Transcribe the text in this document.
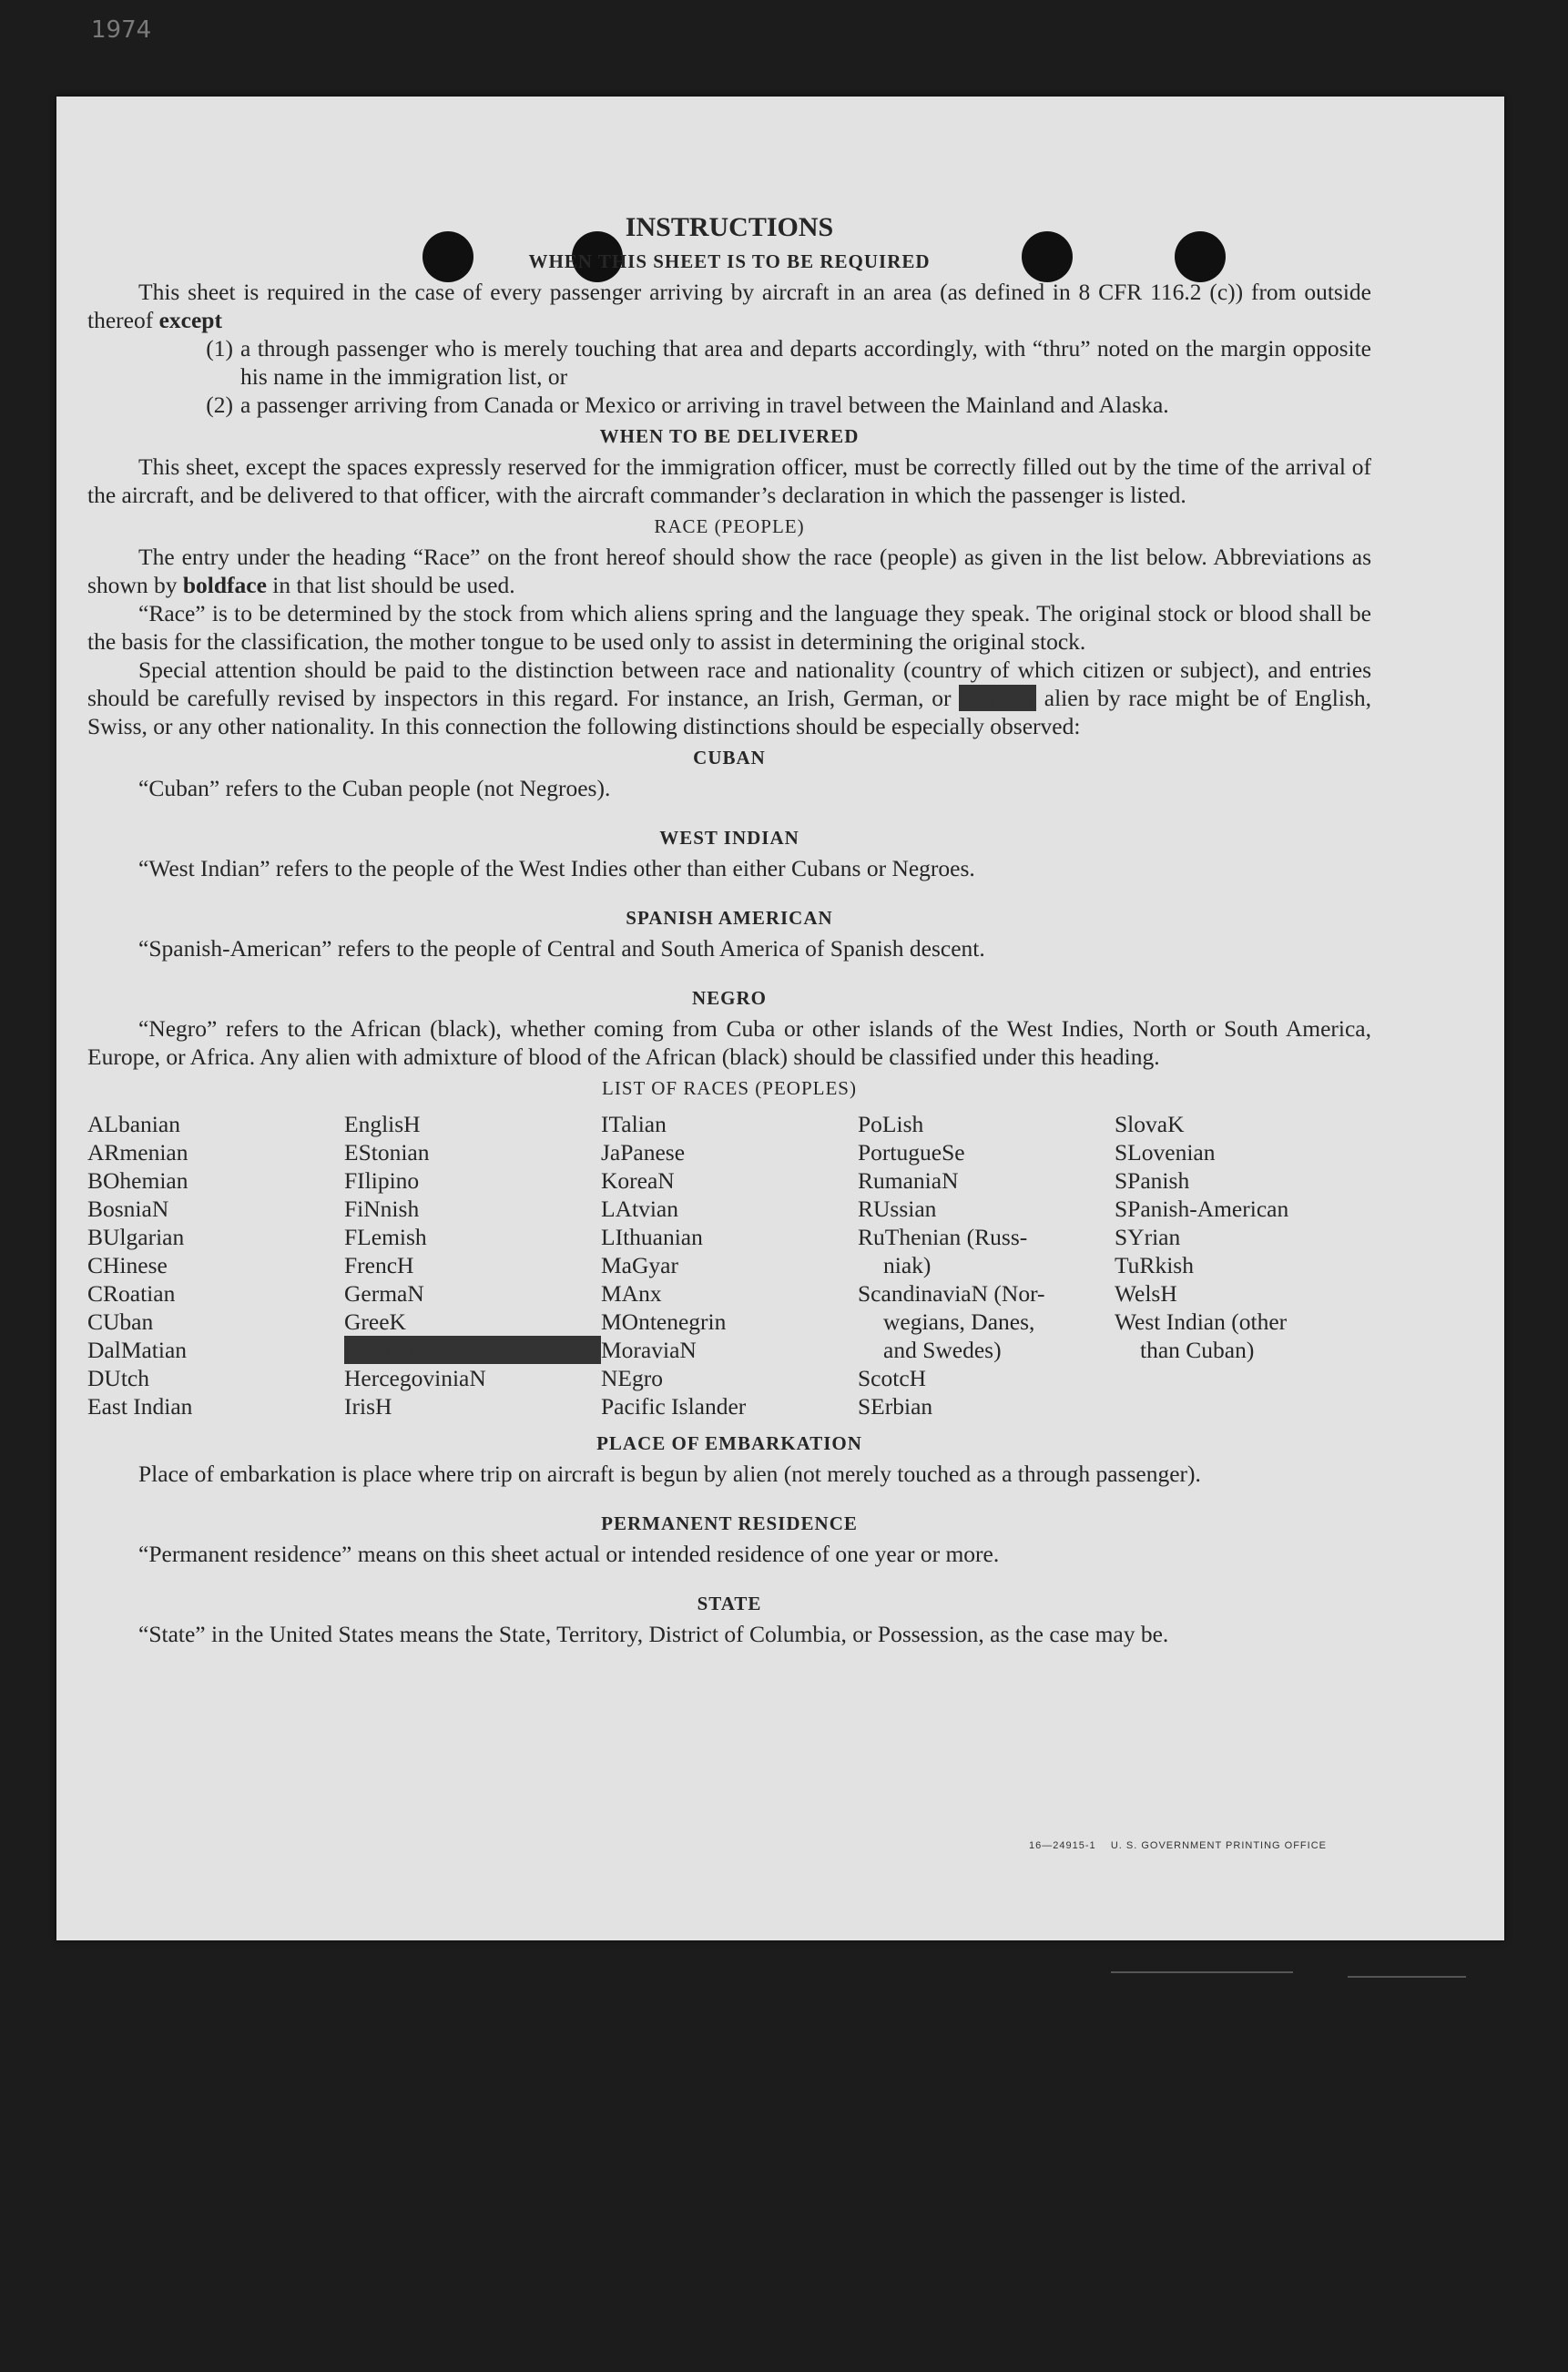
1974
INSTRUCTIONS
WHEN THIS SHEET IS TO BE REQUIRED

This sheet is required in the case of every passenger arriving by aircraft in an area (as defined in 8 CFR 116.2 (c)) from outside thereof except

(1) a through passenger who is merely touching that area and departs accordingly, with “thru” noted on the margin opposite his name in the immigration list, or
(2) a passenger arriving from Canada or Mexico or arriving in travel between the Mainland and Alaska.
WHEN TO BE DELIVERED

This sheet, except the spaces expressly reserved for the immigration officer, must be correctly filled out by the time of the arrival of the aircraft, and be delivered to that officer, with the aircraft commander’s declaration in which the passenger is listed.

RACE (PEOPLE)

The entry under the heading “Race” on the front hereof should show the race (people) as given in the list below. Abbreviations as shown by boldface in that list should be used.

“Race” is to be determined by the stock from which aliens spring and the language they speak. The original stock or blood shall be the basis for the classification, the mother tongue to be used only to assist in determining the original stock.

Special attention should be paid to the distinction between race and nationality (country of which citizen or subject), and entries should be carefully revised by inspectors in this regard. For instance, an Irish, German, or Hebrew alien by race might be of English, Swiss, or any other nationality. In this connection the following distinctions should be especially observed:

CUBAN

“Cuban” refers to the Cuban people (not Negroes).

WEST INDIAN

“West Indian” refers to the people of the West Indies other than either Cubans or Negroes.

SPANISH AMERICAN

“Spanish-American” refers to the people of Central and South America of Spanish descent.

NEGRO

“Negro” refers to the African (black), whether coming from Cuba or other islands of the West Indies, North or South America, Europe, or Africa. Any alien with admixture of blood of the African (black) should be classified under this heading.

LIST OF RACES (PEOPLES)
ALbanian
ARmenian
BOhemian
BosniaN
BUlgarian
CHinese
CRoatian
CUban
DalMatian
DUtch
East Indian
EnglisH
EStonian
FIlipino
FiNnish
FLemish
FrencH
GermaN
GreeK
Hebrew
HercegoviniaN
IrisH
ITalian
JaPanese
KoreaN
LAtvian
LIthuanian
MaGyar
MAnx
MOntenegrin
MoraviaN
NEgro
Pacific Islander
PoLish
PortugueSe
RumaniaN
RUssian
RuThenian (Russ-
niak)
ScandinaviaN (Nor-
wegians, Danes,
and Swedes)
ScotcH
SErbian
SlovaK
SLovenian
SPanish
SPanish-American
SYrian
TuRkish
WelsH
West Indian (other
than Cuban)
PLACE OF EMBARKATION

Place of embarkation is place where trip on aircraft is begun by alien (not merely touched as a through passenger).

PERMANENT RESIDENCE

“Permanent residence” means on this sheet actual or intended residence of one year or more.

STATE

“State” in the United States means the State, Territory, District of Columbia, or Possession, as the case may be.

16—24915-1 U. S. GOVERNMENT PRINTING OFFICE
